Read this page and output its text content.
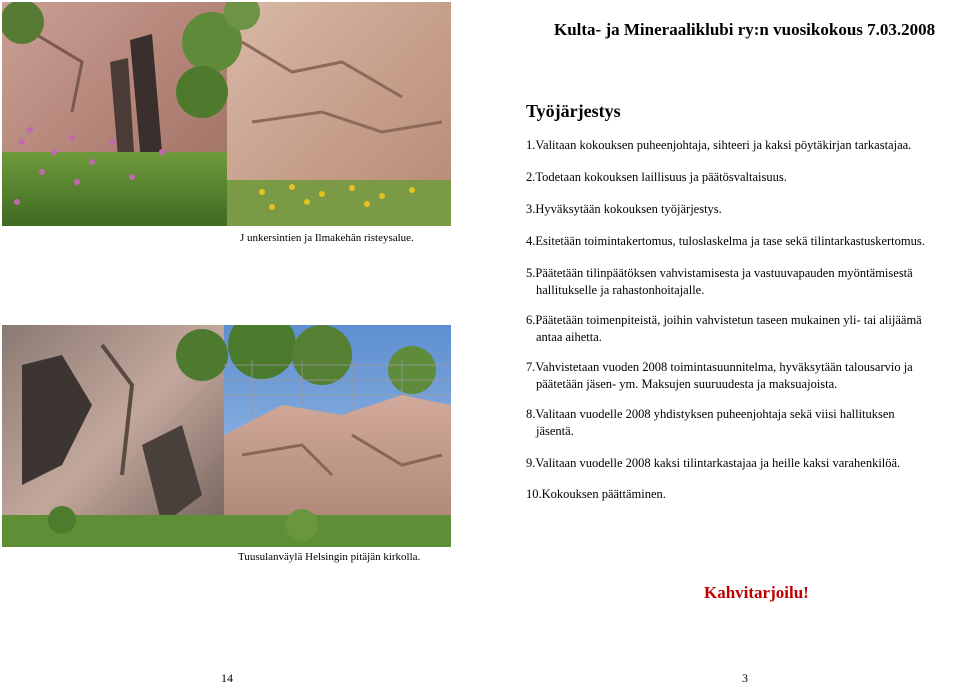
J unkersintien ja Ilmakehän risteysalue.
Tuusulanväylä Helsingin pitäjän kirkolla.
Kulta- ja Mineraaliklubi ry:n vuosikokous 7.03.2008
Työjärjestys
1.Valitaan kokouksen puheenjohtaja, sihteeri ja kaksi pöytäkirjan tarkastajaa.
2.Todetaan kokouksen laillisuus ja päätösvaltaisuus.
3.Hyväksytään kokouksen työjärjestys.
4.Esitetään toimintakertomus, tuloslaskelma ja tase sekä tilintarkastuskertomus.
5.Päätetään tilinpäätöksen vahvistamisesta ja vastuuvapauden myöntämisestä
hallitukselle ja rahastonhoitajalle.
6.Päätetään toimenpiteistä, joihin vahvistetun taseen mukainen yli- tai alijäämä
antaa aihetta.
7.Vahvistetaan vuoden 2008 toimintasuunnitelma, hyväksytään talousarvio ja
päätetään jäsen- ym. Maksujen suuruudesta ja maksuajoista.
8.Valitaan vuodelle 2008 yhdistyksen puheenjohtaja sekä viisi hallituksen
jäsentä.
9.Valitaan vuodelle 2008 kaksi tilintarkastajaa ja heille kaksi varahenkilöä.
10.Kokouksen päättäminen.
Kahvitarjoilu!
14	3
